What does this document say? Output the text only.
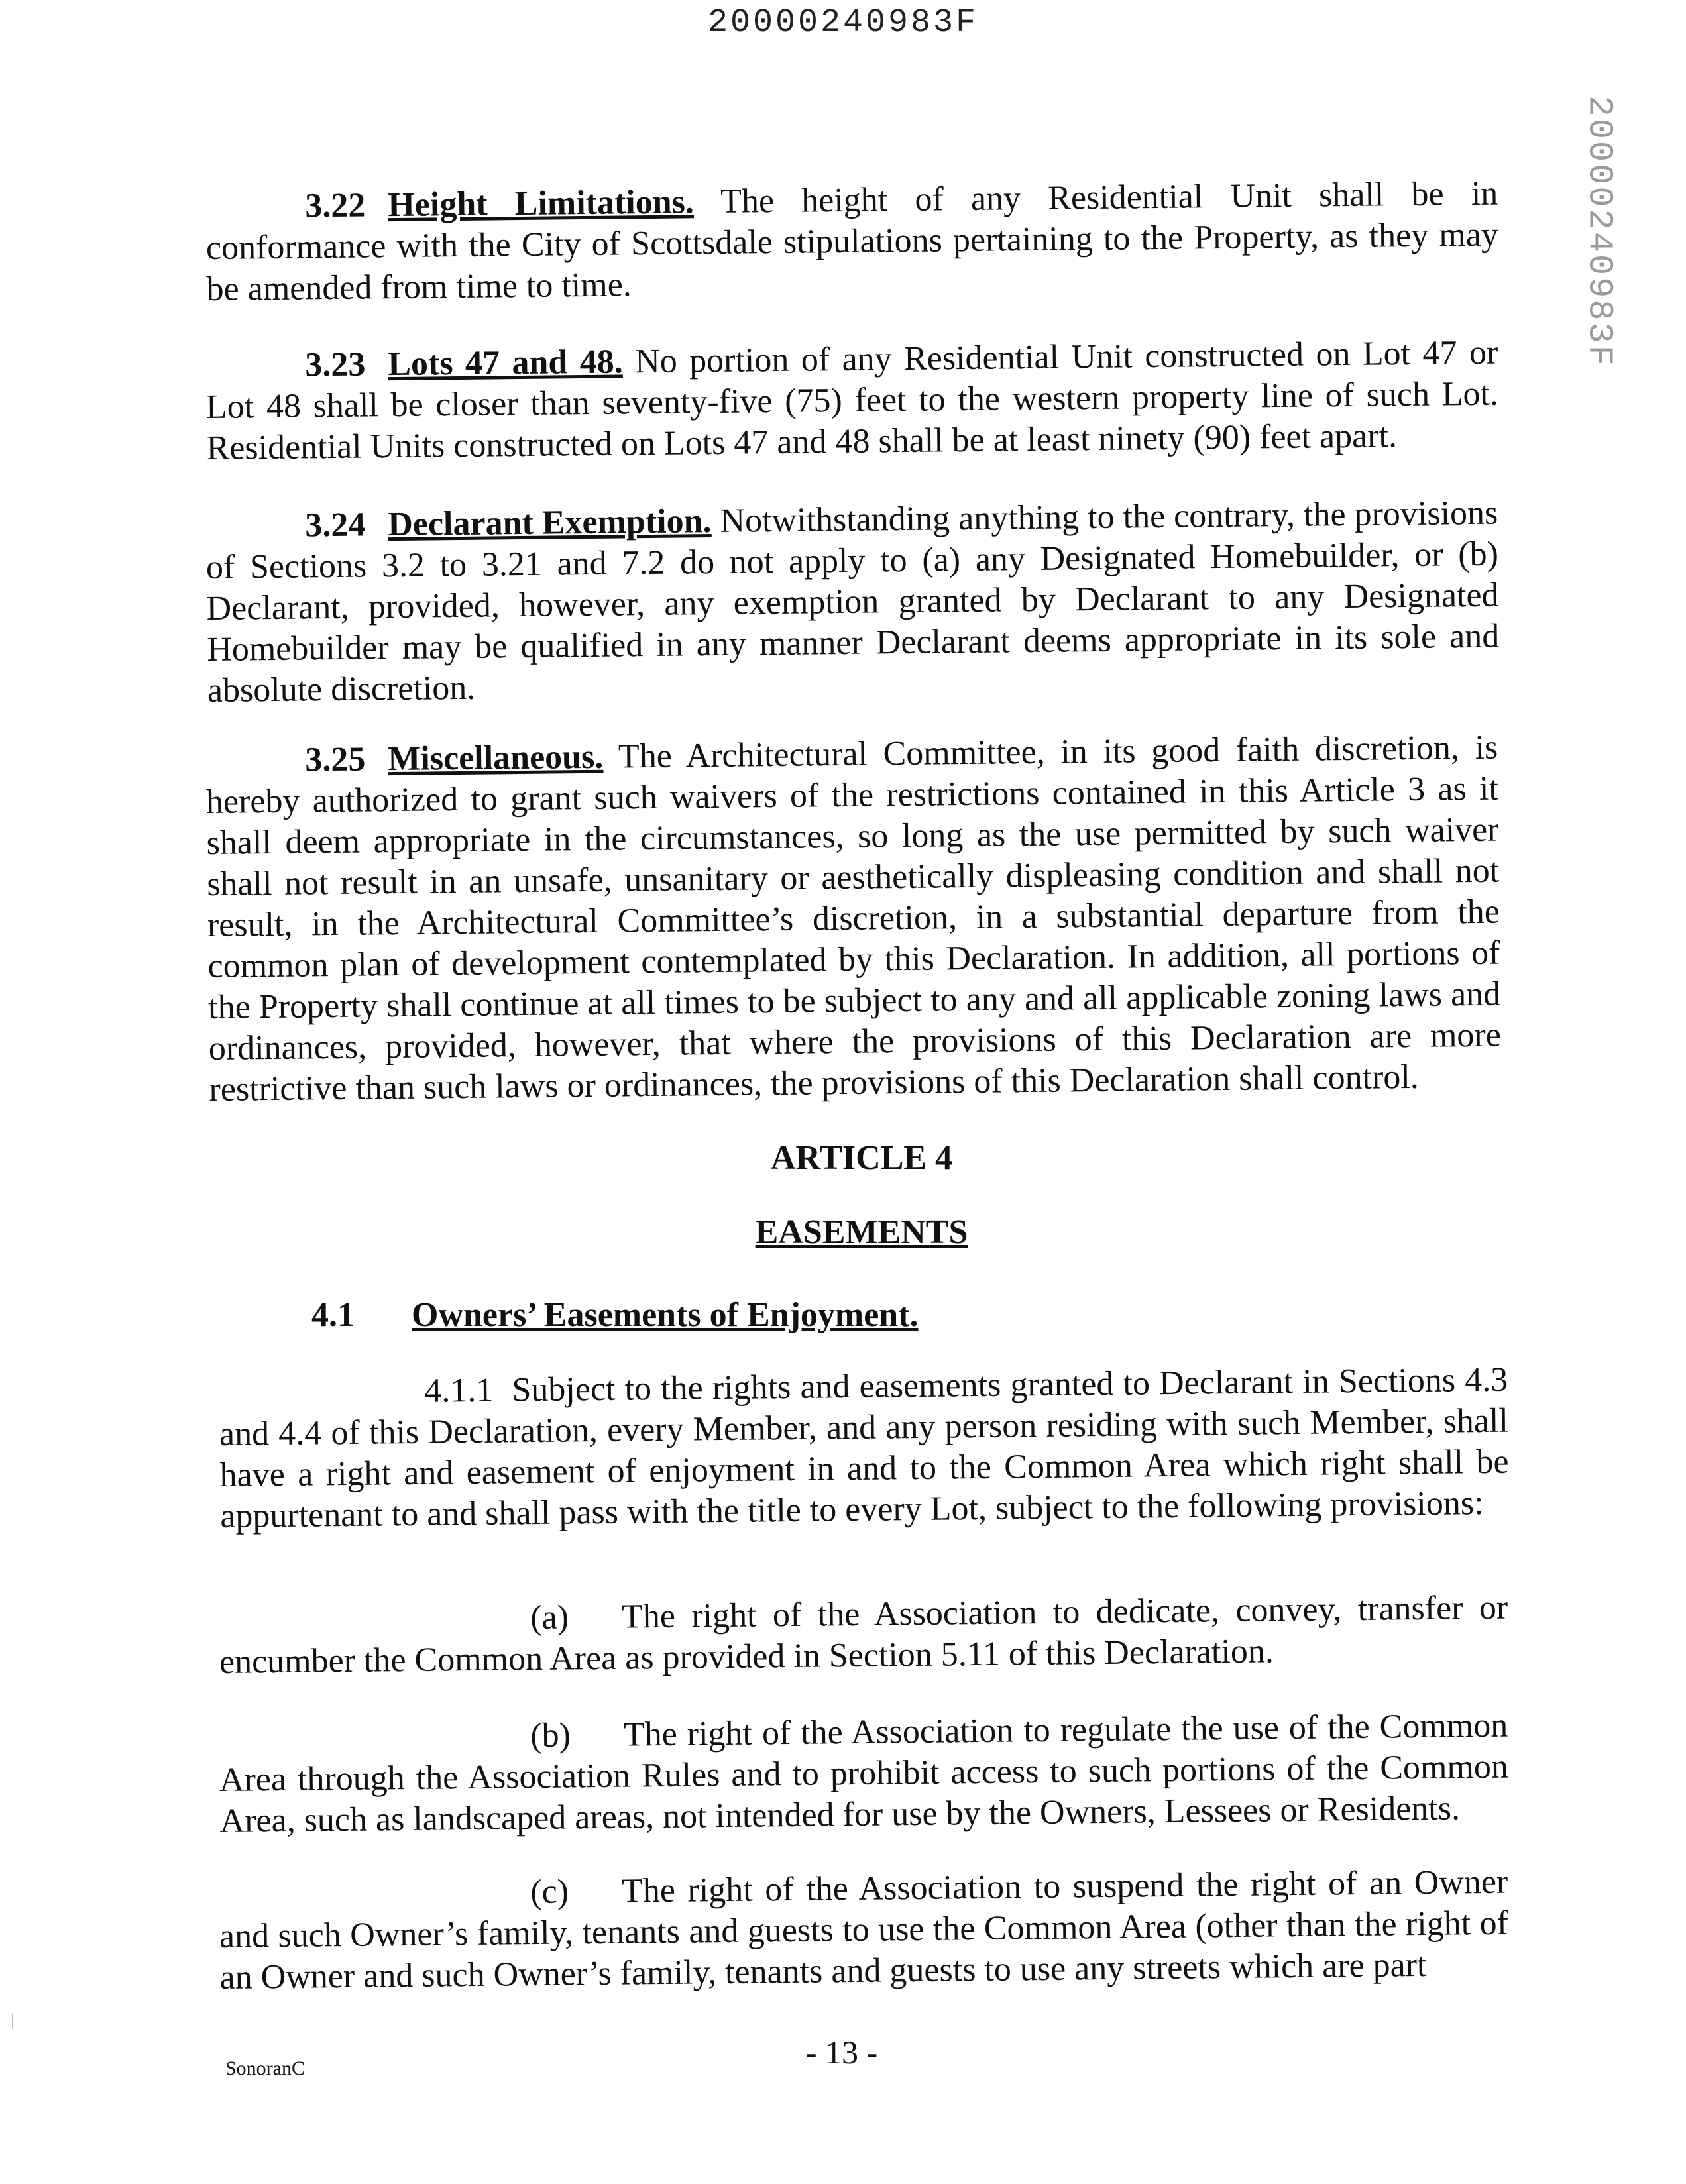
20000240983F
20000240983F

3.22 Height Limitations. The height of any Residential Unit shall be in conformance with the City of Scottsdale stipulations pertaining to the Property, as they may be amended from time to time.

3.23 Lots 47 and 48. No portion of any Residential Unit constructed on Lot 47 or Lot 48 shall be closer than seventy-five (75) feet to the western property line of such Lot. Residential Units constructed on Lots 47 and 48 shall be at least ninety (90) feet apart.

3.24 Declarant Exemption. Notwithstanding anything to the contrary, the provisions of Sections 3.2 to 3.21 and 7.2 do not apply to (a) any Designated Homebuilder, or (b) Declarant, provided, however, any exemption granted by Declarant to any Designated Homebuilder may be qualified in any manner Declarant deems appropriate in its sole and absolute discretion.

3.25 Miscellaneous. The Architectural Committee, in its good faith discretion, is hereby authorized to grant such waivers of the restrictions contained in this Article 3 as it shall deem appropriate in the circumstances, so long as the use permitted by such waiver shall not result in an unsafe, unsanitary or aesthetically displeasing condition and shall not result, in the Architectural Committee’s discretion, in a substantial departure from the common plan of development contemplated by this Declaration. In addition, all portions of the Property shall continue at all times to be subject to any and all applicable zoning laws and ordinances, provided, however, that where the provisions of this Declaration are more restrictive than such laws or ordinances, the provisions of this Declaration shall control.

ARTICLE 4
EASEMENTS
4.1 Owners’ Easements of Enjoyment.

4.1.1 Subject to the rights and easements granted to Declarant in Sections 4.3 and 4.4 of this Declaration, every Member, and any person residing with such Member, shall have a right and easement of enjoyment in and to the Common Area which right shall be appurtenant to and shall pass with the title to every Lot, subject to the following provisions:

(a) The right of the Association to dedicate, convey, transfer or encumber the Common Area as provided in Section 5.11 of this Declaration.

(b) The right of the Association to regulate the use of the Common Area through the Association Rules and to prohibit access to such portions of the Common Area, such as landscaped areas, not intended for use by the Owners, Lessees or Residents.

(c) The right of the Association to suspend the right of an Owner and such Owner’s family, tenants and guests to use the Common Area (other than the right of an Owner and such Owner’s family, tenants and guests to use any streets which are part

SonoranC	- 13 -
